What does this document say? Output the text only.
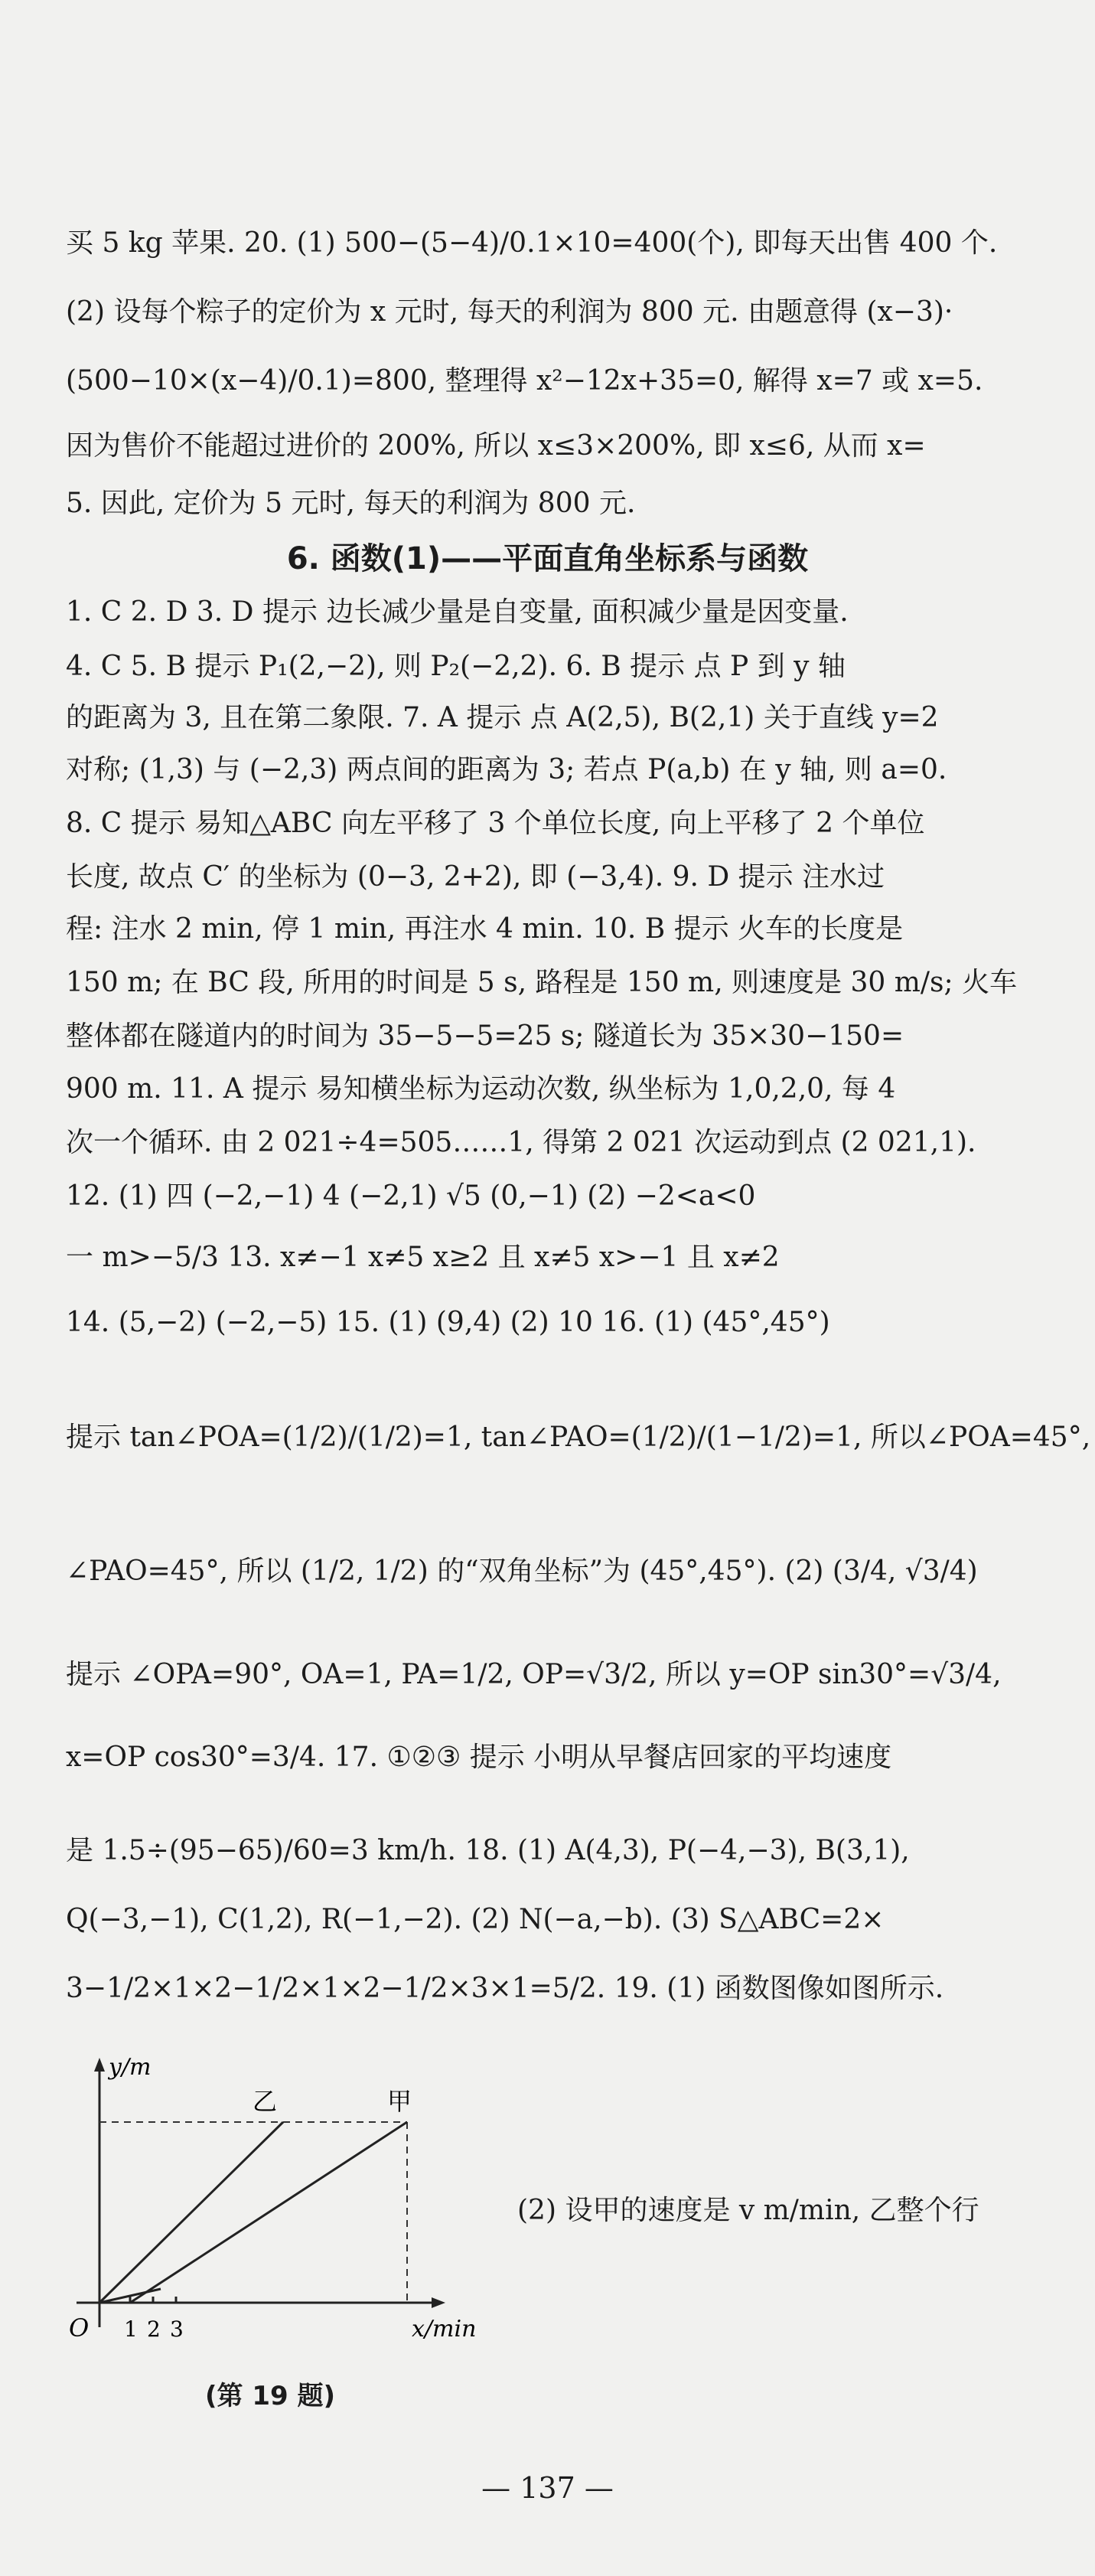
买 5 kg 苹果. 20. (1) 500−(5−4)/0.1×10=400(个), 即每天出售 400 个.
(2) 设每个粽子的定价为 x 元时, 每天的利润为 800 元. 由题意得 (x−3)·
(500−10×(x−4)/0.1)=800, 整理得 x²−12x+35=0, 解得 x=7 或 x=5.
因为售价不能超过进价的 200%, 所以 x≤3×200%, 即 x≤6, 从而 x=
5. 因此, 定价为 5 元时, 每天的利润为 800 元.
6. 函数(1)——平面直角坐标系与函数
1. C 2. D 3. D 提示 边长减少量是自变量, 面积减少量是因变量.
4. C 5. B 提示 P₁(2,−2), 则 P₂(−2,2). 6. B 提示 点 P 到 y 轴
的距离为 3, 且在第二象限. 7. A 提示 点 A(2,5), B(2,1) 关于直线 y=2
对称; (1,3) 与 (−2,3) 两点间的距离为 3; 若点 P(a,b) 在 y 轴, 则 a=0.
8. C 提示 易知△ABC 向左平移了 3 个单位长度, 向上平移了 2 个单位
长度, 故点 C′ 的坐标为 (0−3, 2+2), 即 (−3,4). 9. D 提示 注水过
程: 注水 2 min, 停 1 min, 再注水 4 min. 10. B 提示 火车的长度是
150 m; 在 BC 段, 所用的时间是 5 s, 路程是 150 m, 则速度是 30 m/s; 火车
整体都在隧道内的时间为 35−5−5=25 s; 隧道长为 35×30−150=
900 m. 11. A 提示 易知横坐标为运动次数, 纵坐标为 1,0,2,0, 每 4
次一个循环. 由 2 021÷4=505……1, 得第 2 021 次运动到点 (2 021,1).
12. (1) 四 (−2,−1) 4 (−2,1) √5 (0,−1) (2) −2<a<0
一 m>−5/3 13. x≠−1 x≠5 x≥2 且 x≠5 x>−1 且 x≠2
14. (5,−2) (−2,−5) 15. (1) (9,4) (2) 10 16. (1) (45°,45°)
提示 tan∠POA=(1/2)/(1/2)=1, tan∠PAO=(1/2)/(1−1/2)=1, 所以∠POA=45°,
∠PAO=45°, 所以 (1/2, 1/2) 的“双角坐标”为 (45°,45°). (2) (3/4, √3/4)
提示 ∠OPA=90°, OA=1, PA=1/2, OP=√3/2, 所以 y=OP sin30°=√3/4,
x=OP cos30°=3/4. 17. ①②③ 提示 小明从早餐店回家的平均速度
是 1.5÷(95−65)/60=3 km/h. 18. (1) A(4,3), P(−4,−3), B(3,1),
Q(−3,−1), C(1,2), R(−1,−2). (2) N(−a,−b). (3) S△ABC=2×
3−1/2×1×2−1/2×1×2−1/2×3×1=5/2. 19. (1) 函数图像如图所示.
y/m
x/min
O 1 2 3
乙	甲
(第 19 题)
(2) 设甲的速度是 v m/min, 乙整个行
— 137 —
